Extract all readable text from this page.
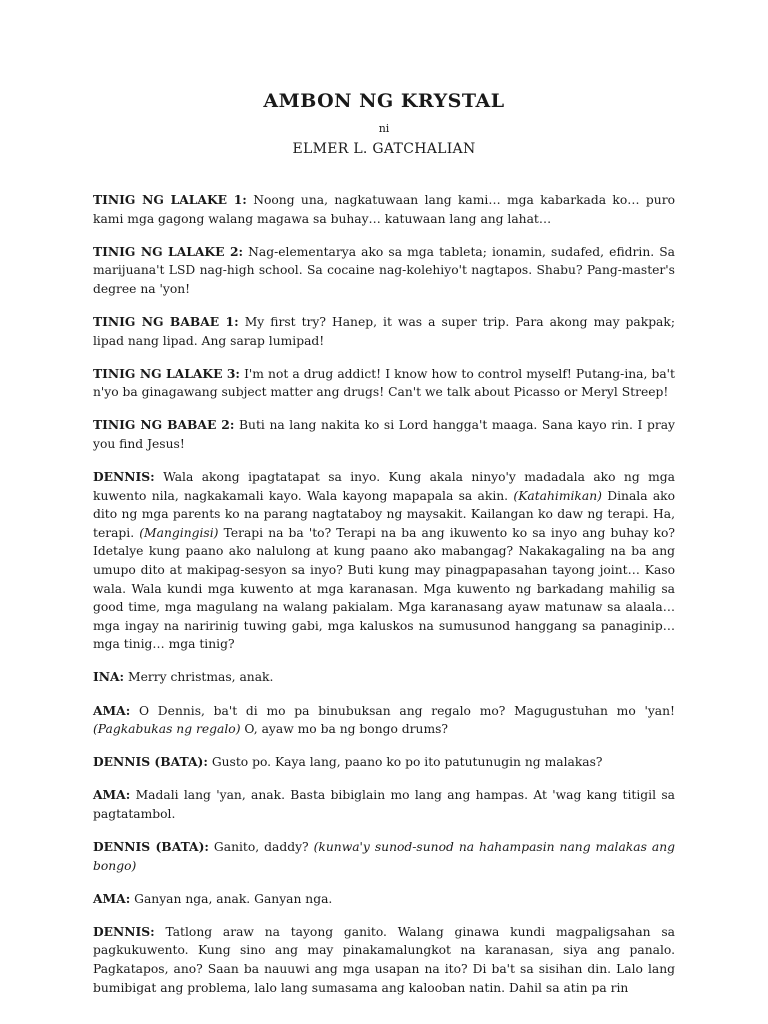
AMBON NG KRYSTAL

ni

ELMER L. GATCHALIAN

TINIG NG LALAKE 1: Noong una, nagkatuwaan lang kami… mga kabarkada ko… puro kami mga gagong walang magawa sa buhay… katuwaan lang ang lahat…

TINIG NG LALAKE 2: Nag-elementarya ako sa mga tableta; ionamin, sudafed, efidrin. Sa marijuana't LSD nag-high school. Sa cocaine nag-kolehiyo't nagtapos. Shabu? Pang-master's degree na 'yon!

TINIG NG BABAE 1: My first try? Hanep, it was a super trip. Para akong may pakpak; lipad nang lipad. Ang sarap lumipad!

TINIG NG LALAKE 3: I'm not a drug addict! I know how to control myself! Putang-ina, ba't n'yo ba ginagawang subject matter ang drugs! Can't we talk about Picasso or Meryl Streep!

TINIG NG BABAE 2: Buti na lang nakita ko si Lord hangga't maaga. Sana kayo rin. I pray you find Jesus!

DENNIS: Wala akong ipagtatapat sa inyo. Kung akala ninyo'y madadala ako ng mga kuwento nila, nagkakamali kayo. Wala kayong mapapala sa akin. (Katahimikan) Dinala ako dito ng mga parents ko na parang nagtataboy ng maysakit. Kailangan ko daw ng terapi. Ha, terapi. (Mangingisi) Terapi na ba 'to? Terapi na ba ang ikuwento ko sa inyo ang buhay ko? Idetalye kung paano ako nalulong at kung paano ako mabangag? Nakakagaling na ba ang umupo dito at makipag-sesyon sa inyo? Buti kung may pinagpapasahan tayong joint… Kaso wala. Wala kundi mga kuwento at mga karanasan. Mga kuwento ng barkadang mahilig sa good time, mga magulang na walang pakialam. Mga karanasang ayaw matunaw sa alaala… mga ingay na naririnig tuwing gabi, mga kaluskos na sumusunod hanggang sa panaginip… mga tinig… mga tinig?

INA: Merry christmas, anak.

AMA: O Dennis, ba't di mo pa binubuksan ang regalo mo? Magugustuhan mo 'yan! (Pagkabukas ng regalo) O, ayaw mo ba ng bongo drums?

DENNIS (BATA): Gusto po. Kaya lang, paano ko po ito patutunugin ng malakas?

AMA: Madali lang 'yan, anak. Basta bibiglain mo lang ang hampas. At 'wag kang titigil sa pagtatambol.

DENNIS (BATA): Ganito, daddy? (kunwa'y sunod-sunod na hahampasin nang malakas ang bongo)

AMA: Ganyan nga, anak. Ganyan nga.

DENNIS: Tatlong araw na tayong ganito. Walang ginawa kundi magpaligsahan sa pagkukuwento. Kung sino ang may pinakamalungkot na karanasan, siya ang panalo. Pagkatapos, ano? Saan ba nauuwi ang mga usapan na ito? Di ba't sa sisihan din. Lalo lang bumibigat ang problema, lalo lang sumasama ang kalooban natin. Dahil sa atin pa rin
